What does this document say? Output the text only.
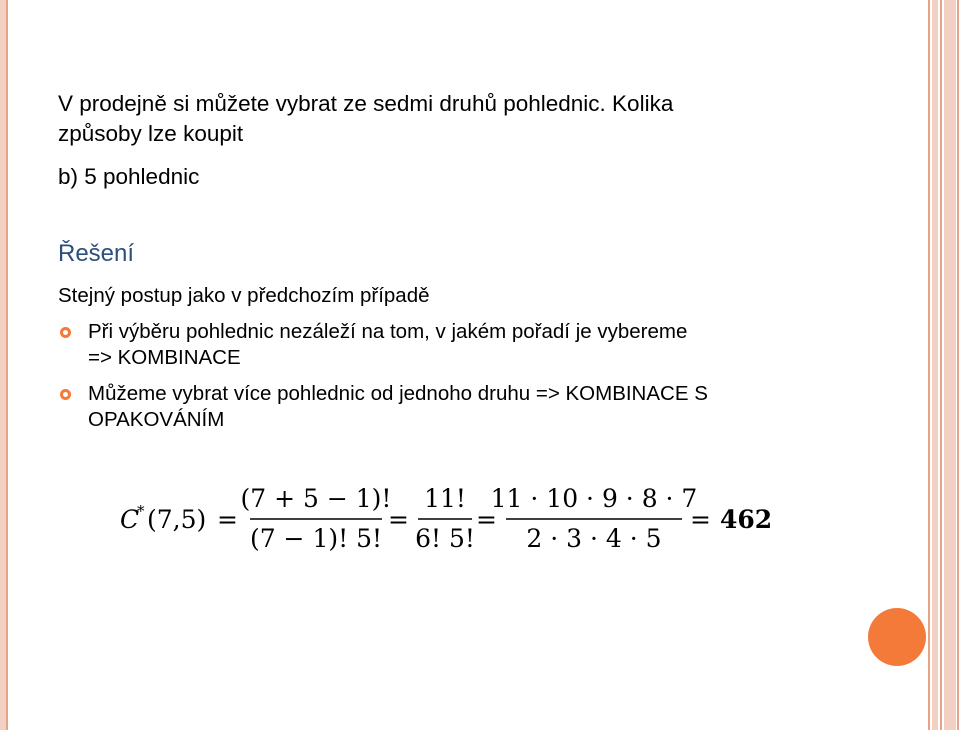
V prodejně si můžete vybrat ze sedmi druhů pohlednic. Kolika

způsoby lze koupit

b) 5 pohlednic
Řešení
Stejný postup jako v předchozím případě
Při výběru pohlednic nezáleží na tom, v jakém pořadí je vybereme
=> KOMBINACE
Můžeme vybrat více pohlednic od jednoho druhu => KOMBINACE S
OPAKOVÁNÍM
C
* (7,5) =
(7 + 5 − 1)!
(7 − 1)! 5!
=
11!
6! 5!
=
11 · 10 · 9 · 8 · 7
2 · 3 · 4 · 5
= 462
